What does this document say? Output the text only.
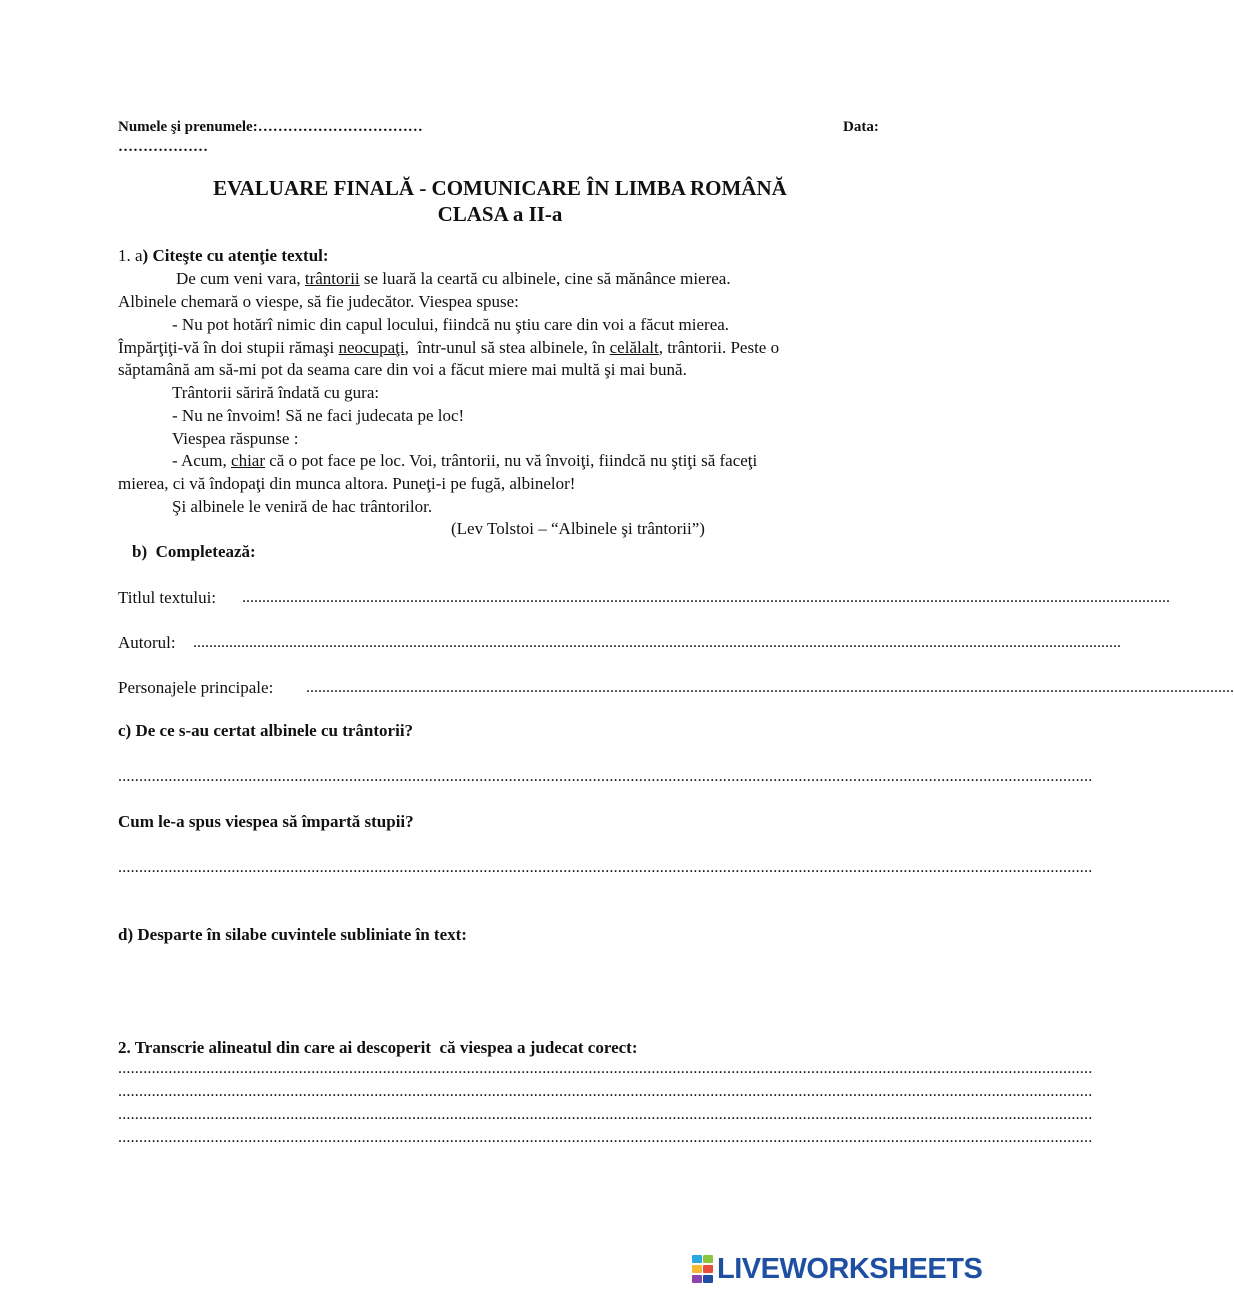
Numele şi prenumele:……………………………	Data:
………………
EVALUARE FINALĂ - COMUNICARE ÎN LIMBA ROMÂNĂ
CLASA a II-a
1. a) Citeşte cu atenţie textul:
De cum veni vara, trântorii se luară la ceartă cu albinele, cine să mănânce mierea.
Albinele chemară o viespe, să fie judecător. Viespea spuse:
- Nu pot hotărî nimic din capul locului, fiindcă nu ştiu care din voi a făcut mierea.
Împărţiţi-vă în doi stupii rămaşi neocupaţi,  într-unul să stea albinele, în celălalt, trântorii. Peste o
săptamână am să-mi pot da seama care din voi a făcut miere mai multă şi mai bună.
Trântorii săriră îndată cu gura:
- Nu ne învoim! Să ne faci judecata pe loc!
Viespea răspunse :
- Acum, chiar că o pot face pe loc. Voi, trântorii, nu vă învoiţi, fiindcă nu ştiţi să faceţi
mierea, ci vă îndopaţi din munca altora. Puneţi-i pe fugă, albinelor!
Şi albinele le veniră de hac trântorilor.
(Lev Tolstoi – “Albinele şi trântorii”)
b)  Completează:
Titlul textului: ........................................................................................................................................................................................................................................
Autorul: ........................................................................................................................................................................................................................................
Personajele principale: ........................................................................................................................................................................................................................................
c) De ce s-au certat albinele cu trântorii?
........................................................................................................................................................................................................................................
Cum le-a spus viespea să împartă stupii?
........................................................................................................................................................................................................................................
d) Desparte în silabe cuvintele subliniate în text:
2. Transcrie alineatul din care ai descoperit  că viespea a judecat corect:
........................................................................................................................................................................................................................................
........................................................................................................................................................................................................................................
........................................................................................................................................................................................................................................
........................................................................................................................................................................................................................................
LIVEWORKSHEETS
